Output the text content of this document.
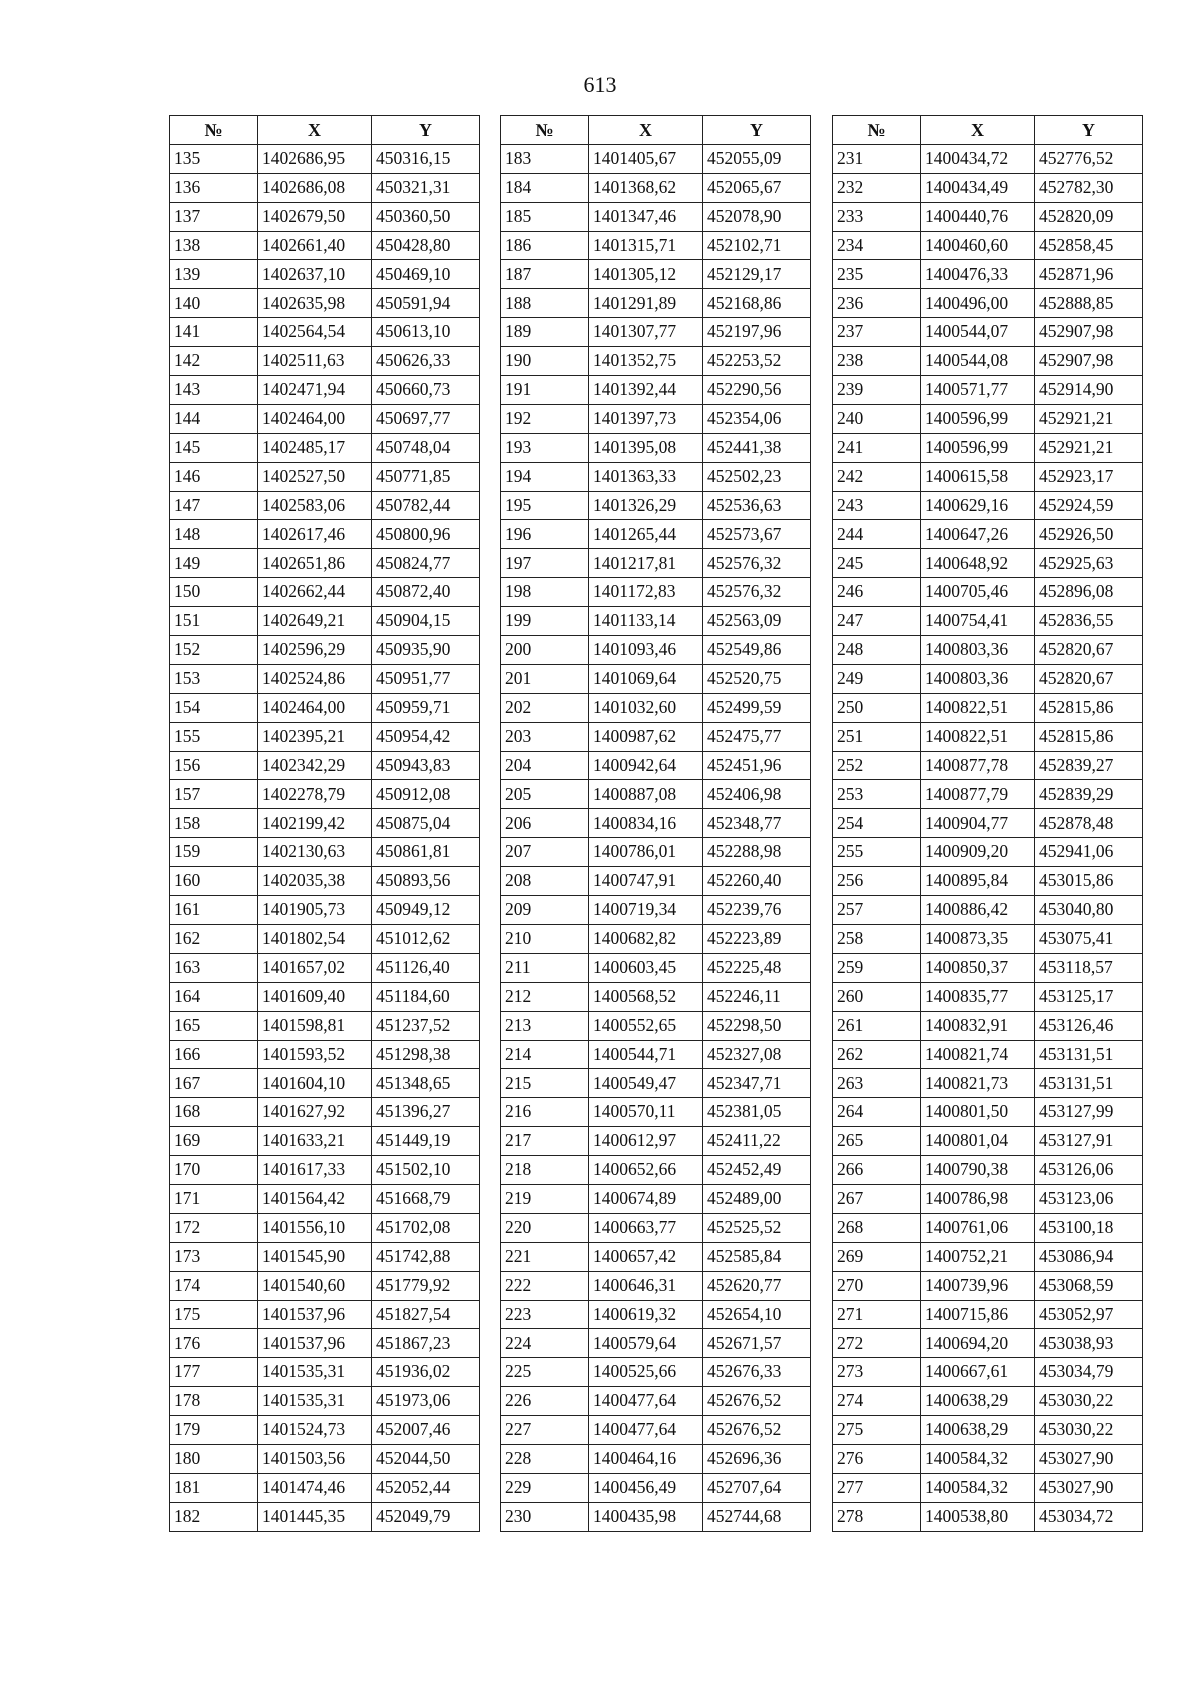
613
№	X	Y
135	1402686,95	450316,15
136	1402686,08	450321,31
137	1402679,50	450360,50
138	1402661,40	450428,80
139	1402637,10	450469,10
140	1402635,98	450591,94
141	1402564,54	450613,10
142	1402511,63	450626,33
143	1402471,94	450660,73
144	1402464,00	450697,77
145	1402485,17	450748,04
146	1402527,50	450771,85
147	1402583,06	450782,44
148	1402617,46	450800,96
149	1402651,86	450824,77
150	1402662,44	450872,40
151	1402649,21	450904,15
152	1402596,29	450935,90
153	1402524,86	450951,77
154	1402464,00	450959,71
155	1402395,21	450954,42
156	1402342,29	450943,83
157	1402278,79	450912,08
158	1402199,42	450875,04
159	1402130,63	450861,81
160	1402035,38	450893,56
161	1401905,73	450949,12
162	1401802,54	451012,62
163	1401657,02	451126,40
164	1401609,40	451184,60
165	1401598,81	451237,52
166	1401593,52	451298,38
167	1401604,10	451348,65
168	1401627,92	451396,27
169	1401633,21	451449,19
170	1401617,33	451502,10
171	1401564,42	451668,79
172	1401556,10	451702,08
173	1401545,90	451742,88
174	1401540,60	451779,92
175	1401537,96	451827,54
176	1401537,96	451867,23
177	1401535,31	451936,02
178	1401535,31	451973,06
179	1401524,73	452007,46
180	1401503,56	452044,50
181	1401474,46	452052,44
182	1401445,35	452049,79
№	X	Y
183	1401405,67	452055,09
184	1401368,62	452065,67
185	1401347,46	452078,90
186	1401315,71	452102,71
187	1401305,12	452129,17
188	1401291,89	452168,86
189	1401307,77	452197,96
190	1401352,75	452253,52
191	1401392,44	452290,56
192	1401397,73	452354,06
193	1401395,08	452441,38
194	1401363,33	452502,23
195	1401326,29	452536,63
196	1401265,44	452573,67
197	1401217,81	452576,32
198	1401172,83	452576,32
199	1401133,14	452563,09
200	1401093,46	452549,86
201	1401069,64	452520,75
202	1401032,60	452499,59
203	1400987,62	452475,77
204	1400942,64	452451,96
205	1400887,08	452406,98
206	1400834,16	452348,77
207	1400786,01	452288,98
208	1400747,91	452260,40
209	1400719,34	452239,76
210	1400682,82	452223,89
211	1400603,45	452225,48
212	1400568,52	452246,11
213	1400552,65	452298,50
214	1400544,71	452327,08
215	1400549,47	452347,71
216	1400570,11	452381,05
217	1400612,97	452411,22
218	1400652,66	452452,49
219	1400674,89	452489,00
220	1400663,77	452525,52
221	1400657,42	452585,84
222	1400646,31	452620,77
223	1400619,32	452654,10
224	1400579,64	452671,57
225	1400525,66	452676,33
226	1400477,64	452676,52
227	1400477,64	452676,52
228	1400464,16	452696,36
229	1400456,49	452707,64
230	1400435,98	452744,68
№	X	Y
231	1400434,72	452776,52
232	1400434,49	452782,30
233	1400440,76	452820,09
234	1400460,60	452858,45
235	1400476,33	452871,96
236	1400496,00	452888,85
237	1400544,07	452907,98
238	1400544,08	452907,98
239	1400571,77	452914,90
240	1400596,99	452921,21
241	1400596,99	452921,21
242	1400615,58	452923,17
243	1400629,16	452924,59
244	1400647,26	452926,50
245	1400648,92	452925,63
246	1400705,46	452896,08
247	1400754,41	452836,55
248	1400803,36	452820,67
249	1400803,36	452820,67
250	1400822,51	452815,86
251	1400822,51	452815,86
252	1400877,78	452839,27
253	1400877,79	452839,29
254	1400904,77	452878,48
255	1400909,20	452941,06
256	1400895,84	453015,86
257	1400886,42	453040,80
258	1400873,35	453075,41
259	1400850,37	453118,57
260	1400835,77	453125,17
261	1400832,91	453126,46
262	1400821,74	453131,51
263	1400821,73	453131,51
264	1400801,50	453127,99
265	1400801,04	453127,91
266	1400790,38	453126,06
267	1400786,98	453123,06
268	1400761,06	453100,18
269	1400752,21	453086,94
270	1400739,96	453068,59
271	1400715,86	453052,97
272	1400694,20	453038,93
273	1400667,61	453034,79
274	1400638,29	453030,22
275	1400638,29	453030,22
276	1400584,32	453027,90
277	1400584,32	453027,90
278	1400538,80	453034,72
